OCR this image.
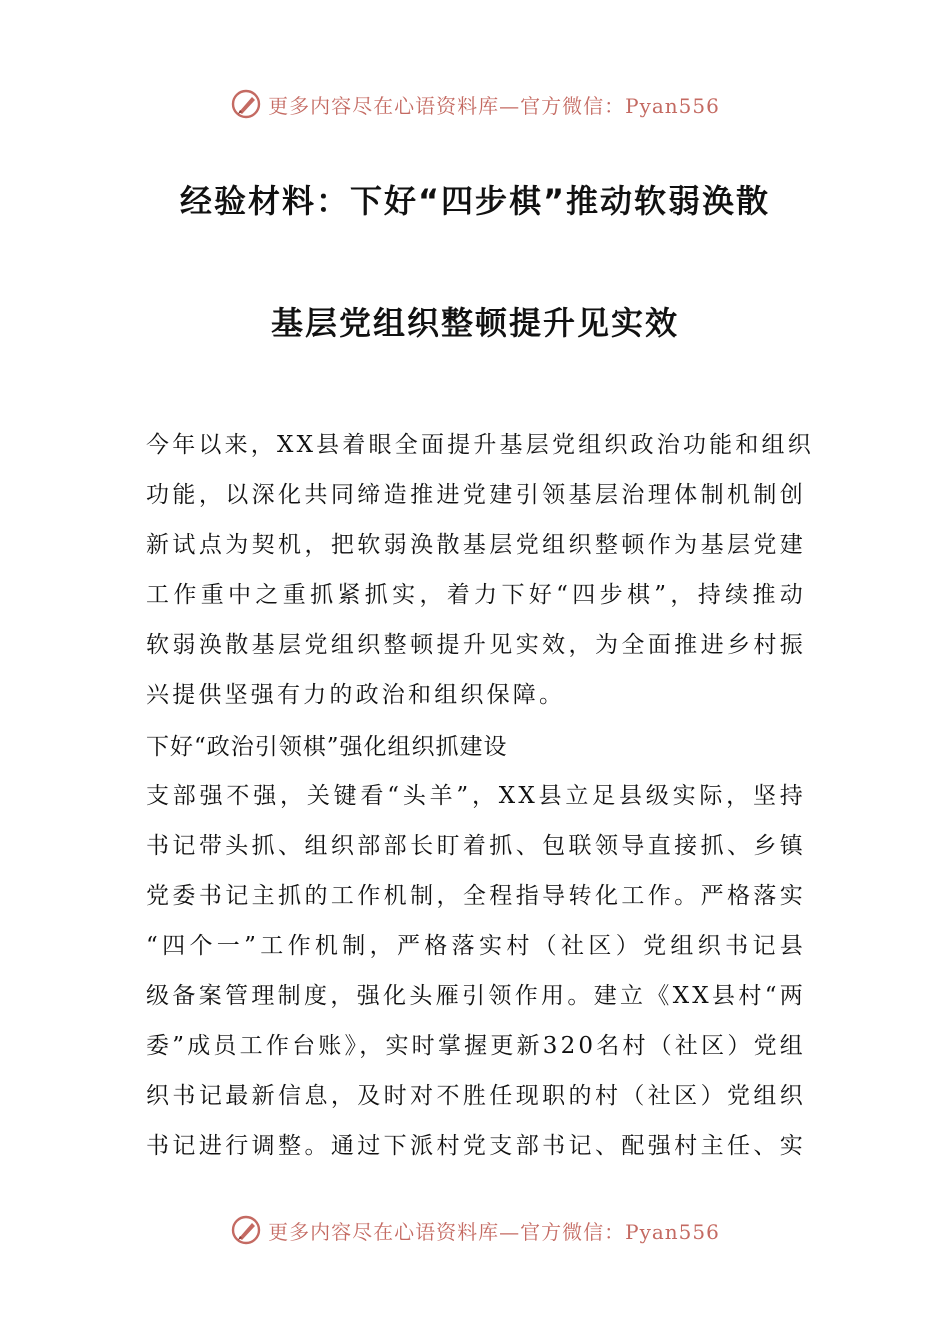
更多内容尽在心语资料库—官方微信：Pyan556
经验材料：下好“四步棋”推动软弱涣散
基层党组织整顿提升见实效
今年以来，XX县着眼全面提升基层党组织政治功能和组织
功能，以深化共同缔造推进党建引领基层治理体制机制创
新试点为契机，把软弱涣散基层党组织整顿作为基层党建
工作重中之重抓紧抓实，着力下好“四步棋”，持续推动
软弱涣散基层党组织整顿提升见实效，为全面推进乡村振
兴提供坚强有力的政治和组织保障。
下好“政治引领棋”强化组织抓建设
支部强不强，关键看“头羊”，XX县立足县级实际，坚持
书记带头抓、组织部部长盯着抓、包联领导直接抓、乡镇
党委书记主抓的工作机制，全程指导转化工作。严格落实
“四个一”工作机制，严格落实村（社区）党组织书记县
级备案管理制度，强化头雁引领作用。建立《XX县村“两
委”成员工作台账》，实时掌握更新320名村（社区）党组
织书记最新信息，及时对不胜任现职的村（社区）党组织
书记进行调整。通过下派村党支部书记、配强村主任、实
更多内容尽在心语资料库—官方微信：Pyan556
